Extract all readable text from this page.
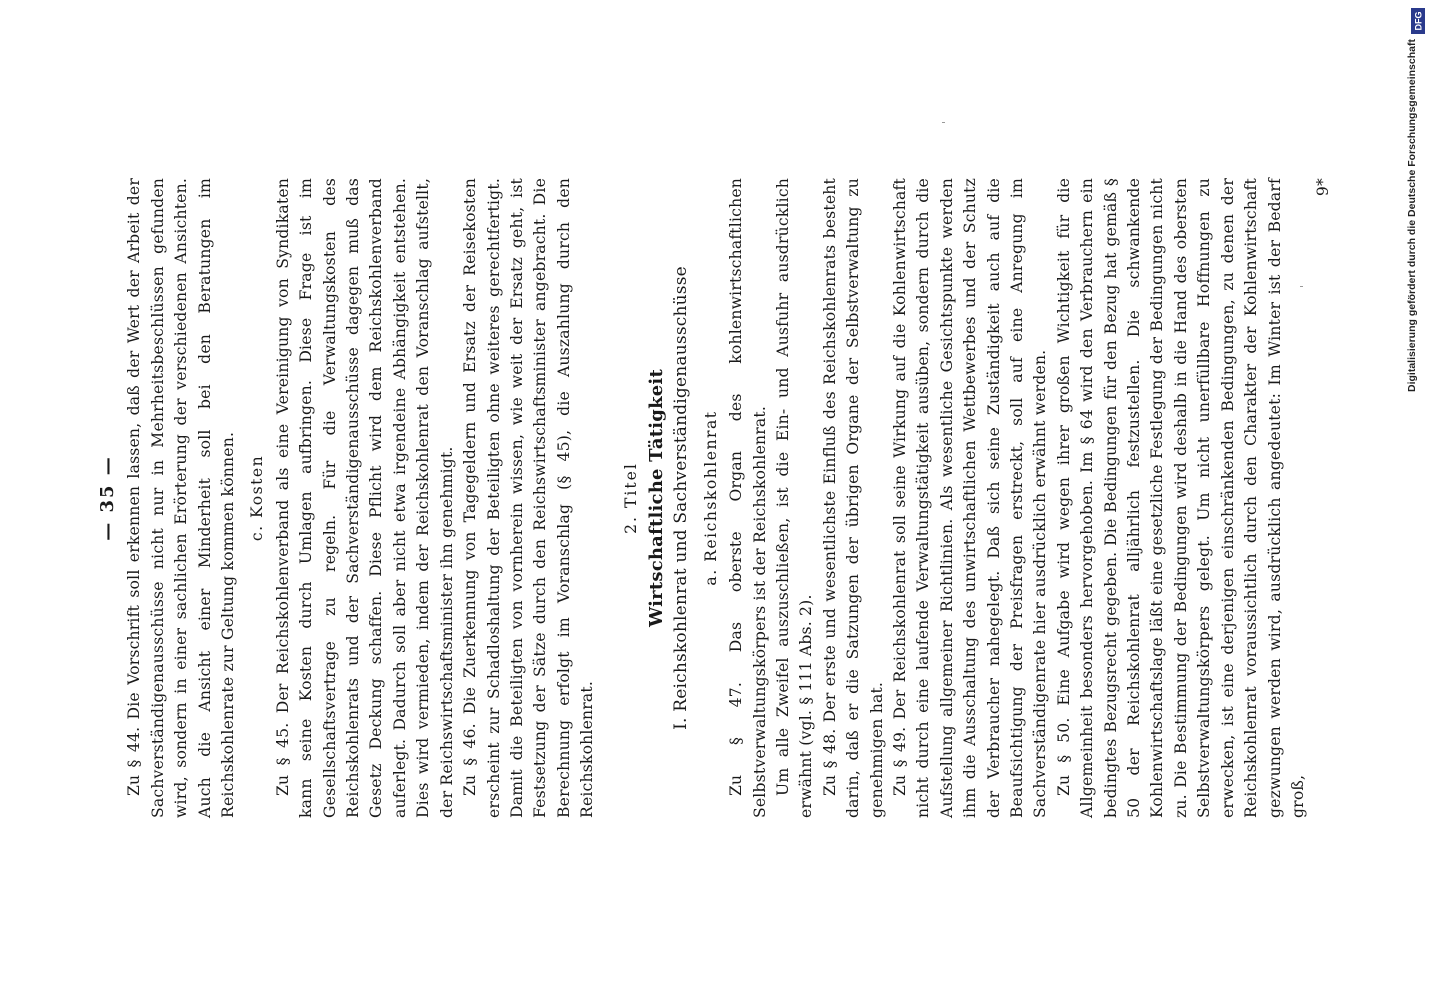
— 35 — Zu § 44. Die Vorschrift soll erkennen lassen, daß der Wert der Arbeit der Sachverständigenausschüsse nicht nur in Mehrheitsbeschlüssen gefunden wird, sondern in einer sachlichen Erörterung der verschiedenen Ansichten. Auch die Ansicht einer Minderheit soll bei den Beratungen im Reichskohlenrate zur Geltung kommen können. c. Kosten Zu § 45. Der Reichskohlenverband als eine Vereinigung von Syndikaten kann seine Kosten durch Umlagen aufbringen. Diese Frage ist im Gesellschaftsvertrage zu regeln. Für die Verwaltungskosten des Reichskohlenrats und der Sachverständigenausschüsse dagegen muß das Gesetz Deckung schaffen. Diese Pflicht wird dem Reichskohlenverband auferlegt. Dadurch soll aber nicht etwa irgendeine Abhängigkeit entstehen. Dies wird vermieden, indem der Reichskohlenrat den Voranschlag aufstellt, der Reichswirtschaftsminister ihn genehmigt. Zu § 46. Die Zuerkennung von Tagegeldern und Ersatz der Reisekosten erscheint zur Schadloshaltung der Beteiligten ohne weiteres gerechtfertigt. Damit die Beteiligten von vornherein wissen, wie weit der Ersatz geht, ist Festsetzung der Sätze durch den Reichswirtschaftsminister angebracht. Die Berechnung erfolgt im Voranschlag (§ 45), die Auszahlung durch den Reichskohlenrat.

2. Titel Wirtschaftliche Tätigkeit I. Reichskohlenrat und Sachverständigenausschüsse a. Reichskohlenrat Zu § 47. Das oberste Organ des kohlenwirtschaftlichen Selbstverwaltungskörpers ist der Reichskohlenrat. Um alle Zweifel auszuschließen, ist die Ein- und Ausfuhr ausdrücklich erwähnt (vgl. § 111 Abs. 2). Zu § 48. Der erste und wesentlichste Einfluß des Reichskohlenrats besteht darin, daß er die Satzungen der übrigen Organe der Selbstverwaltung zu genehmigen hat. Zu § 49. Der Reichskohlenrat soll seine Wirkung auf die Kohlenwirtschaft nicht durch eine laufende Verwaltungstätigkeit ausüben, sondern durch die Aufstellung allgemeiner Richtlinien. Als wesentliche Gesichtspunkte werden ihm die Ausschaltung des unwirtschaftlichen Wettbewerbes und der Schutz der Verbraucher nahegelegt. Daß sich seine Zuständigkeit auch auf die Beaufsichtigung der Preisfragen erstreckt, soll auf eine Anregung im Sachverständigenrate hier ausdrücklich erwähnt werden. Zu § 50. Eine Aufgabe wird wegen ihrer großen Wichtigkeit für die Allgemeinheit besonders hervorgehoben. Im § 64 wird den Verbrauchern ein bedingtes Bezugsrecht gegeben. Die Bedingungen für den Bezug hat gemäß § 50 der Reichskohlenrat alljährlich festzustellen. Die schwankende Kohlenwirtschaftslage läßt eine gesetzliche Festlegung der Bedingungen nicht zu. Die Bestimmung der Bedingungen wird deshalb in die Hand des obersten Selbstverwaltungskörpers gelegt. Um nicht unerfüllbare Hoffnungen zu erwecken, ist eine derjenigen einschränkenden Bedingungen, zu denen der Reichskohlenrat voraussichtlich durch den Charakter der Kohlenwirtschaft gezwungen werden wird, ausdrücklich angedeutet: Im Winter ist der Bedarf groß,

9*

DFG
Digitalisierung gefördert durch die Deutsche Forschungsgemeinschaft
